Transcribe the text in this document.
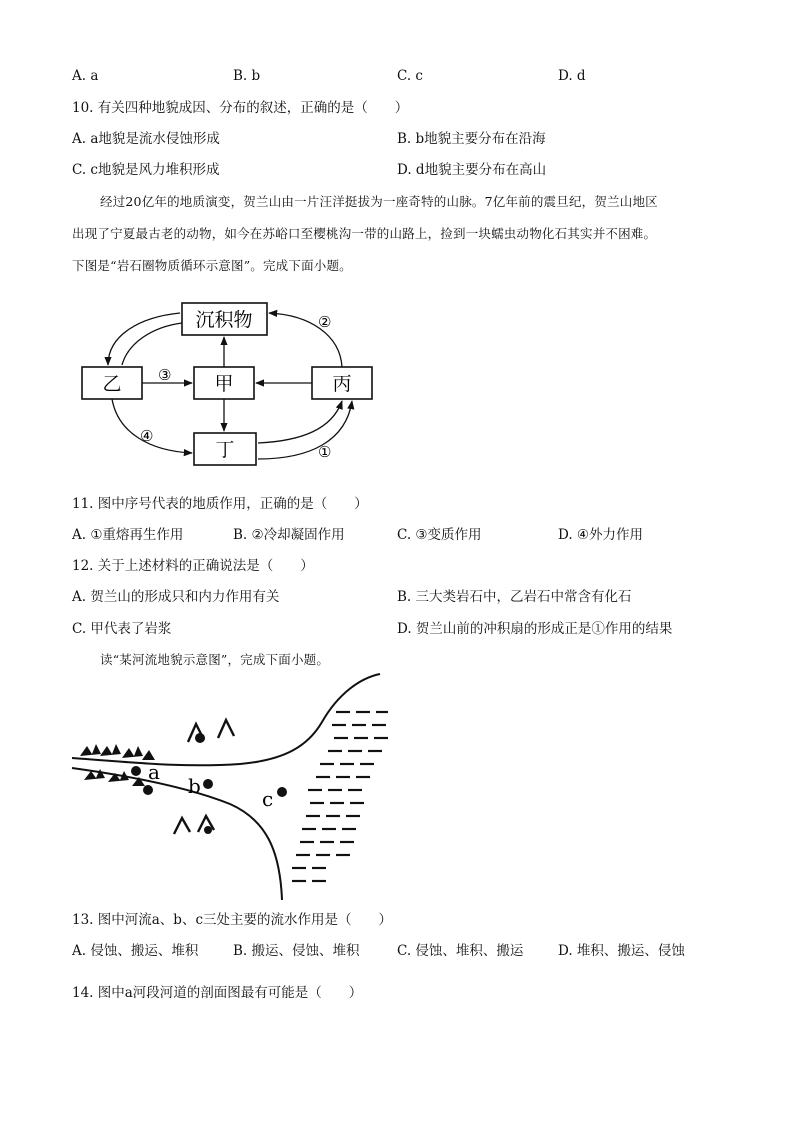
A. a	B. b	C. c	D. d
10. 有关四种地貌成因、分布的叙述，正确的是（　　）
A. a地貌是流水侵蚀形成	B. b地貌主要分布在沿海
C. c地貌是风力堆积形成	D. d地貌主要分布在高山
经过20亿年的地质演变，贺兰山由一片汪洋挺拔为一座奇特的山脉。7亿年前的震旦纪，贺兰山地区
出现了宁夏最古老的动物，如今在苏峪口至樱桃沟一带的山路上，捡到一块蠕虫动物化石其实并不困难。
下图是“岩石圈物质循环示意图”。完成下面小题。
沉积物
乙	甲	丙
丁	①
②
③
④
11. 图中序号代表的地质作用，正确的是（　　）
A. ①重熔再生作用	B. ②冷却凝固作用	C. ③变质作用	D. ④外力作用
12. 关于上述材料的正确说法是（　　）
A. 贺兰山的形成只和内力作用有关	B. 三大类岩石中，乙岩石中常含有化石
C. 甲代表了岩浆	D. 贺兰山前的冲积扇的形成正是①作用的结果
读“某河流地貌示意图”，完成下面小题。
a
b
c
13. 图中河流a、b、c三处主要的流水作用是（　　）
A. 侵蚀、搬运、堆积	B. 搬运、侵蚀、堆积	C. 侵蚀、堆积、搬运	D. 堆积、搬运、侵蚀
14. 图中a河段河道的剖面图最有可能是（　　）
